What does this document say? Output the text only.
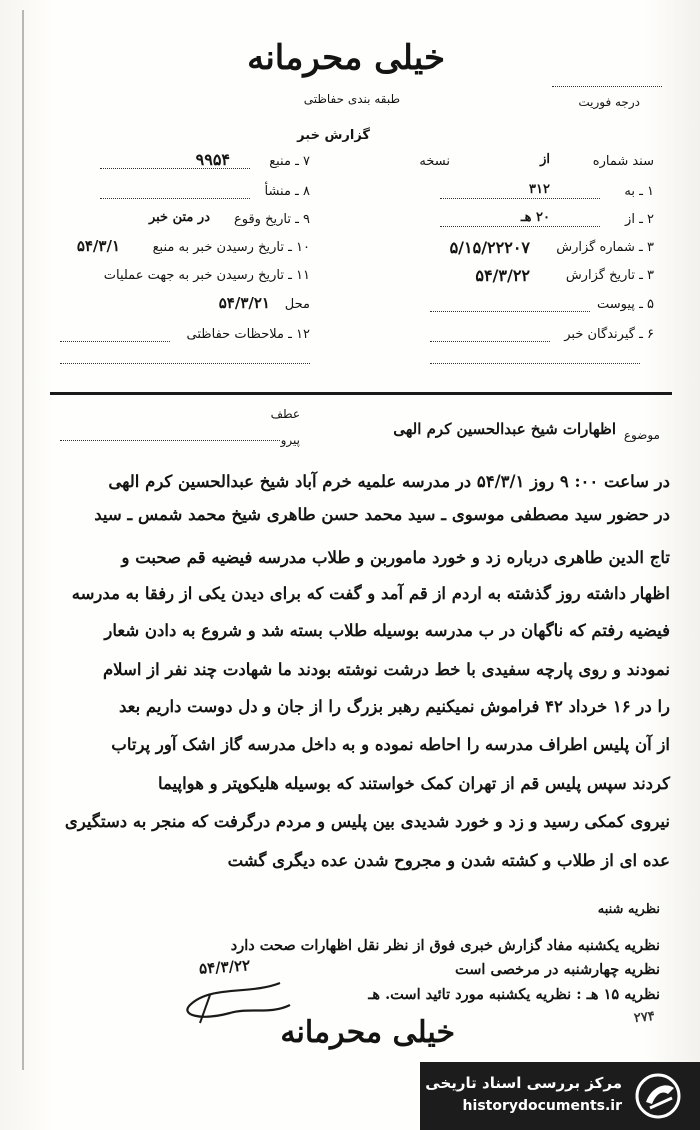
خیلی محرمانه
طبقه بندی حفاظتی	درجه فوریت
گزارش خبر
سند شماره
از
نسخه
۱ ـ به
۳۱۲
۲ ـ از
۲۰ هـ
۳ ـ شماره گزارش
۵/۱۵/۲۲۲۰۷
۳ ـ تاریخ گزارش
۵۴/۳/۲۲
۵ ـ پیوست
۶ ـ گیرندگان خبر
۷ ـ منبع
۹۹۵۴
۸ ـ منشأ
۹ ـ تاریخ وقوع
در متن خبر
۱۰ ـ تاریخ رسیدن خبر به منبع
۵۴/۳/۱
۱۱ ـ تاریخ رسیدن خبر به جهت عملیات
محل
۵۴/۳/۲۱
۱۲ ـ ملاحظات حفاظتی
موضوع
اظهارات شیخ عبدالحسین کرم الهی
عطف
پیرو
در ساعت ۰۰: ۹ روز ۵۴/۳/۱ در مدرسه علمیه خرم آباد شیخ عبدالحسین کرم الهی
در حضور سید مصطفی موسوی ـ سید محمد حسن طاهری شیخ محمد شمس ـ سید
تاج الدین طاهری درباره زد و خورد ماموربن و طلاب مدرسه فیضیه قم صحبت و
اظهار داشته روز گذشته به اردم از قم آمد و گفت که برای دیدن یکی از رفقا به مدرسه
فیضیه رفتم که ناگهان در ب مدرسه بوسیله طلاب بسته شد و شروع به دادن شعار
نمودند و روی پارچه سفیدی با خط درشت نوشته بودند ما شهادت چند نفر از اسلام
را در ۱۶ خرداد ۴۲ فراموش نمیکنیم رهبر بزرگ را از جان و دل دوست داریم بعد
از آن پلیس اطراف مدرسه را احاطه نموده و به داخل مدرسه گاز اشک آور پرتاب
کردند سپس پلیس قم از تهران کمک خواستند که بوسیله هلیکوپتر و هواپیما
نیروی کمکی رسید و زد و خورد شدیدی بین پلیس و مردم درگرفت که منجر به دستگیری
عده ای از طلاب و کشته شدن و مجروح شدن عده دیگری گشت
نظریه شنبه
نظریه یکشنبه مفاد گزارش خبری فوق از نظر نقل اظهارات صحت دارد
نظریه چهارشنبه در مرخصی است
نظریه ۱۵ هـ : نظریه یکشنبه مورد تائید است. هـ
۵۴/۳/۲۲
خیلی محرمانه	۲۷۴
مرکز بررسی اسناد تاریخی
historydocuments.ir
